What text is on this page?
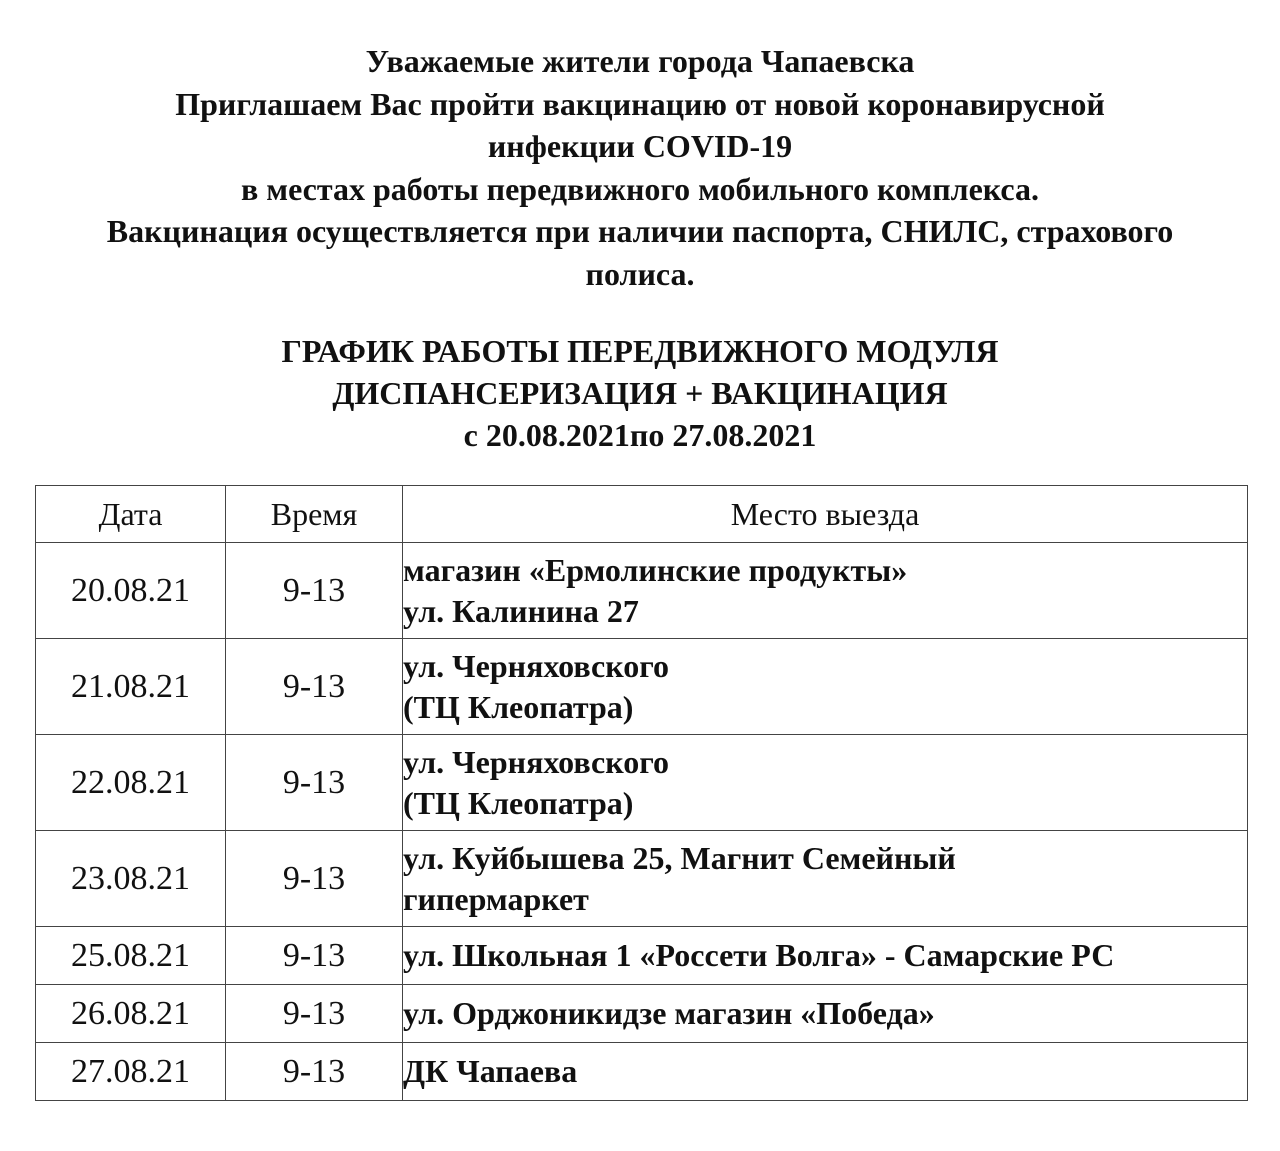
Уважаемые жители города Чапаевска
Приглашаем Вас пройти вакцинацию от новой коронавирусной
инфекции COVID-19
в местах работы передвижного мобильного комплекса.
Вакцинация осуществляется при наличии паспорта, СНИЛС, страхового
полиса.
ГРАФИК РАБОТЫ ПЕРЕДВИЖНОГО МОДУЛЯ
ДИСПАНСЕРИЗАЦИЯ + ВАКЦИНАЦИЯ
с 20.08.2021по 27.08.2021
Дата	Время	Место выезда
20.08.21	9-13	магазин «Ермолинские продукты»
ул. Калинина 27

21.08.21	9-13	ул. Черняховского
(ТЦ Клеопатра)

22.08.21	9-13	ул. Черняховского
(ТЦ Клеопатра)

23.08.21	9-13	ул. Куйбышева 25, Магнит Семейный
гипермаркет

25.08.21	9-13	ул. Школьная 1 «Россети Волга» - Самарские РС

26.08.21	9-13	ул. Орджоникидзе магазин «Победа»

27.08.21	9-13	ДК Чапаева
